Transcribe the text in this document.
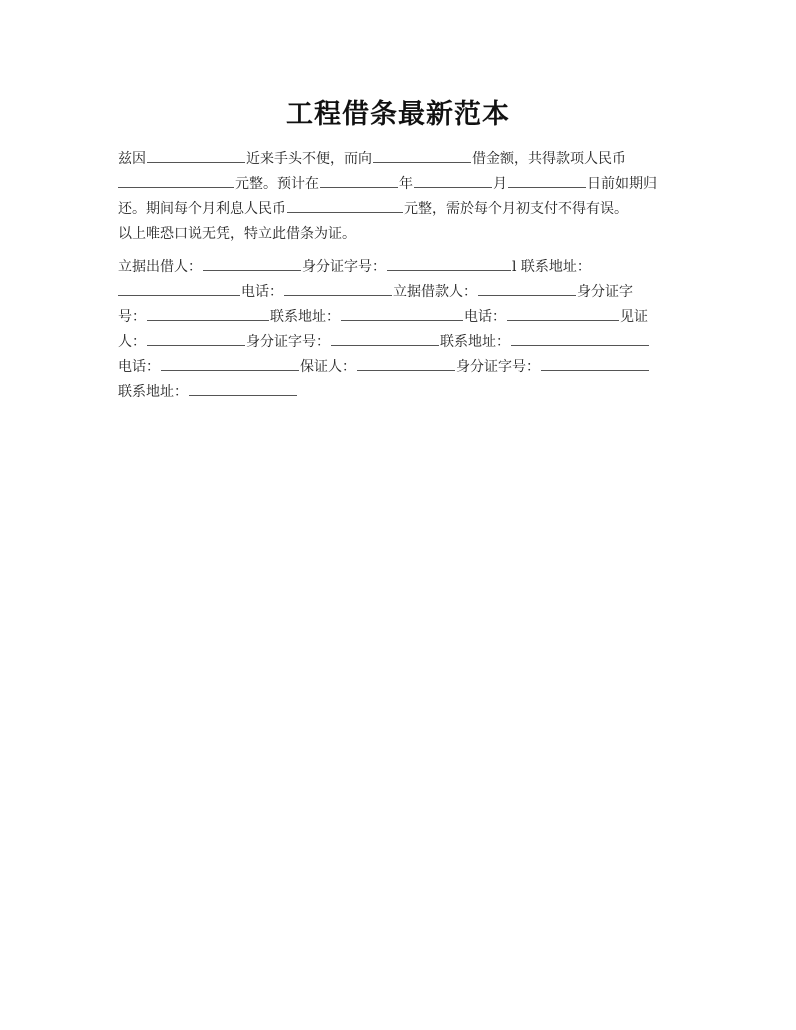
工程借条最新范本
兹因	近来手头不便，而向	借金额，共得款项人民币
元整。预计在	年	月	日前如期归
还。期间每个月利息人民币	元整，需於每个月初支付不得有误。
以上唯恐口说无凭，特立此借条为证。
立据出借人：	身分证字号：	l 联系地址：
电话：	立据借款人：	身分证字
号：	联系地址：	电话：	见证
人：	身分证字号：	联系地址：
电话：	保证人：	身分证字号：
联系地址：
